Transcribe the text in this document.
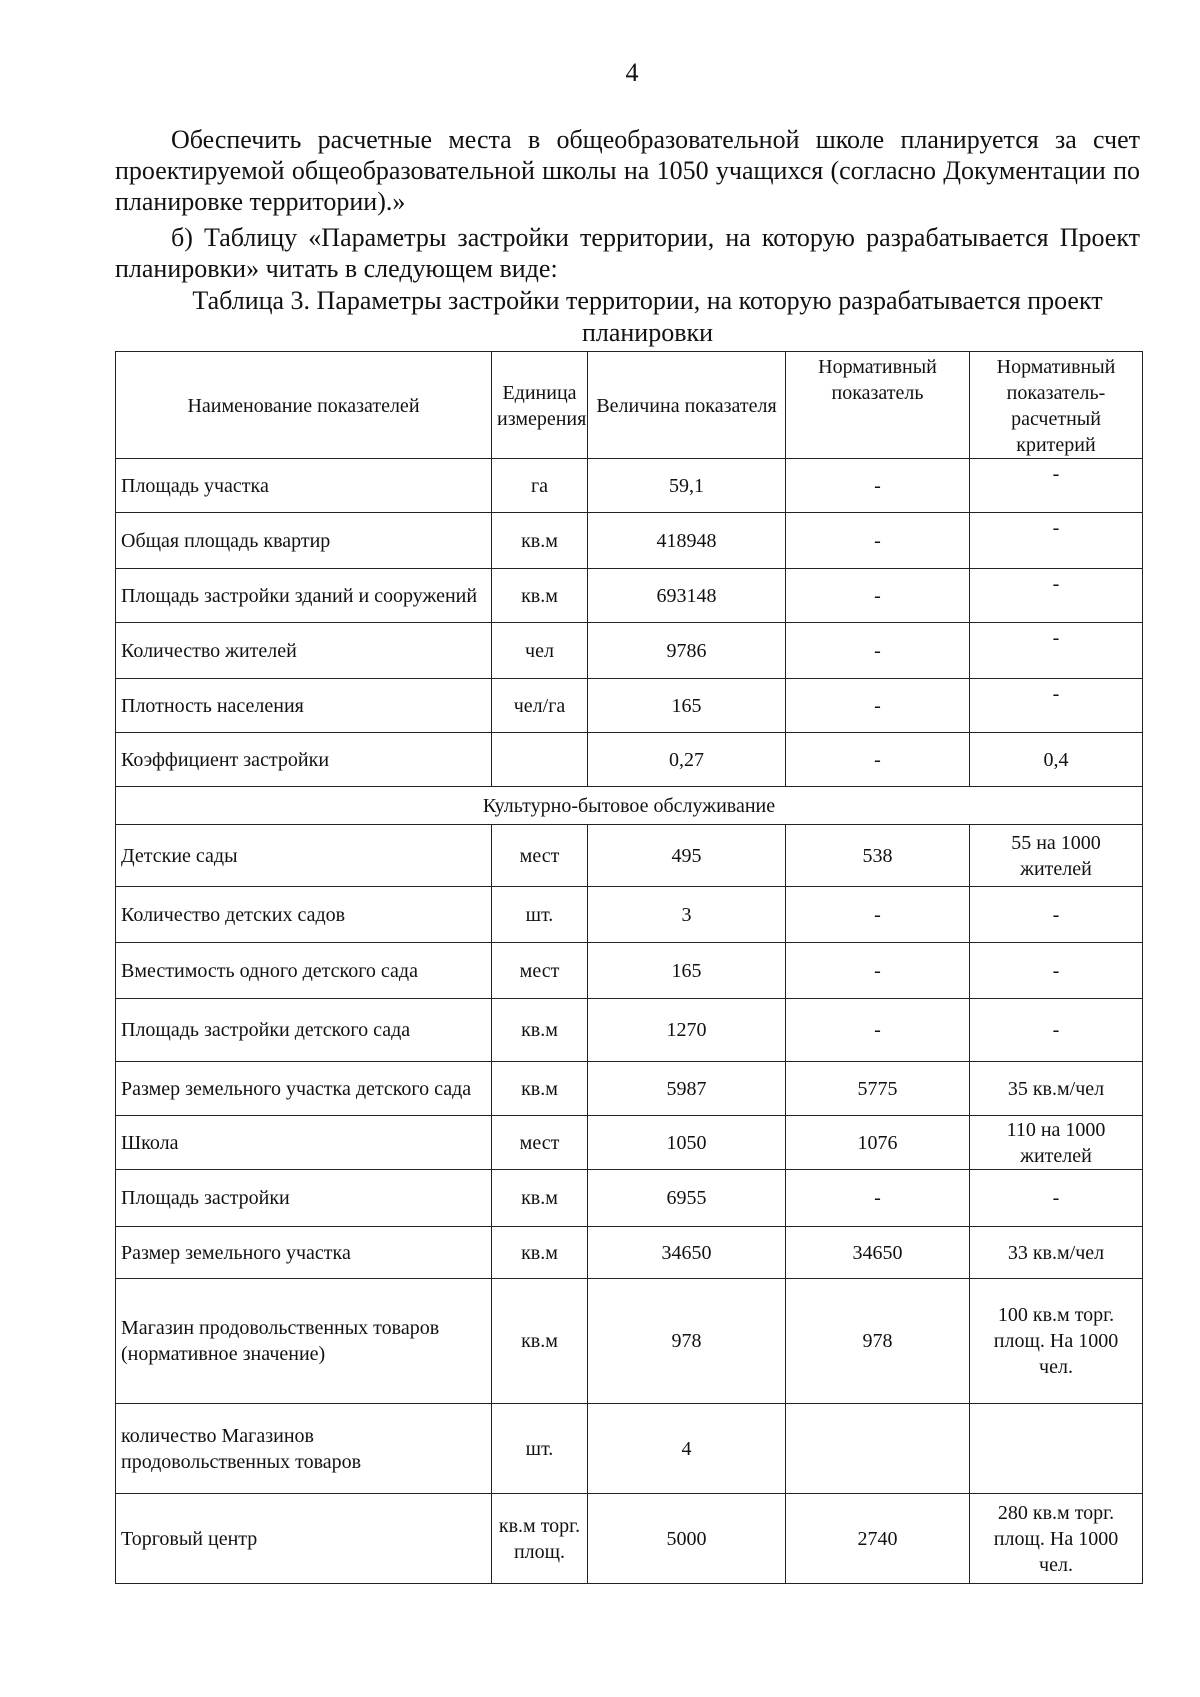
4
Обеспечить расчетные места в общеобразовательной школе планируется за счет проектируемой общеобразовательной школы на 1050 учащихся (согласно Документации по планировке территории).»
б) Таблицу «Параметры застройки территории, на которую разрабатывается Проект планировки» читать в следующем виде:
Таблица 3. Параметры застройки территории, на которую разрабатывается проект планировки
Наименование показателей	Единица измерения	Величина показателя	Нормативный показатель	Нормативный показатель-расчетный критерий
Площадь участка	га	59,1	-	-
Общая площадь квартир	кв.м	418948	-	-
Площадь застройки зданий и сооружений	кв.м	693148	-	-
Количество жителей	чел	9786	-	-
Плотность населения	чел/га	165	-	-
Коэффициент застройки		0,27	-	0,4
Культурно-бытовое обслуживание				
Детские сады	мест	495	538	55 на 1000 жителей
Количество детских садов	шт.	3	-	-
Вместимость одного детского сада	мест	165	-	-
Площадь застройки детского сада	кв.м	1270	-	-
Размер земельного участка детского сада	кв.м	5987	5775	35 кв.м/чел
Школа	мест	1050	1076	110 на 1000 жителей
Площадь застройки	кв.м	6955	-	-
Размер земельного участка	кв.м	34650	34650	33 кв.м/чел
Магазин продовольственных товаров (нормативное значение)	кв.м	978	978	100 кв.м торг. площ. На 1000 чел.
количество Магазинов продовольственных товаров	шт.	4		
Торговый центр	кв.м торг. площ.	5000	2740	280 кв.м торг. площ. На 1000 чел.
